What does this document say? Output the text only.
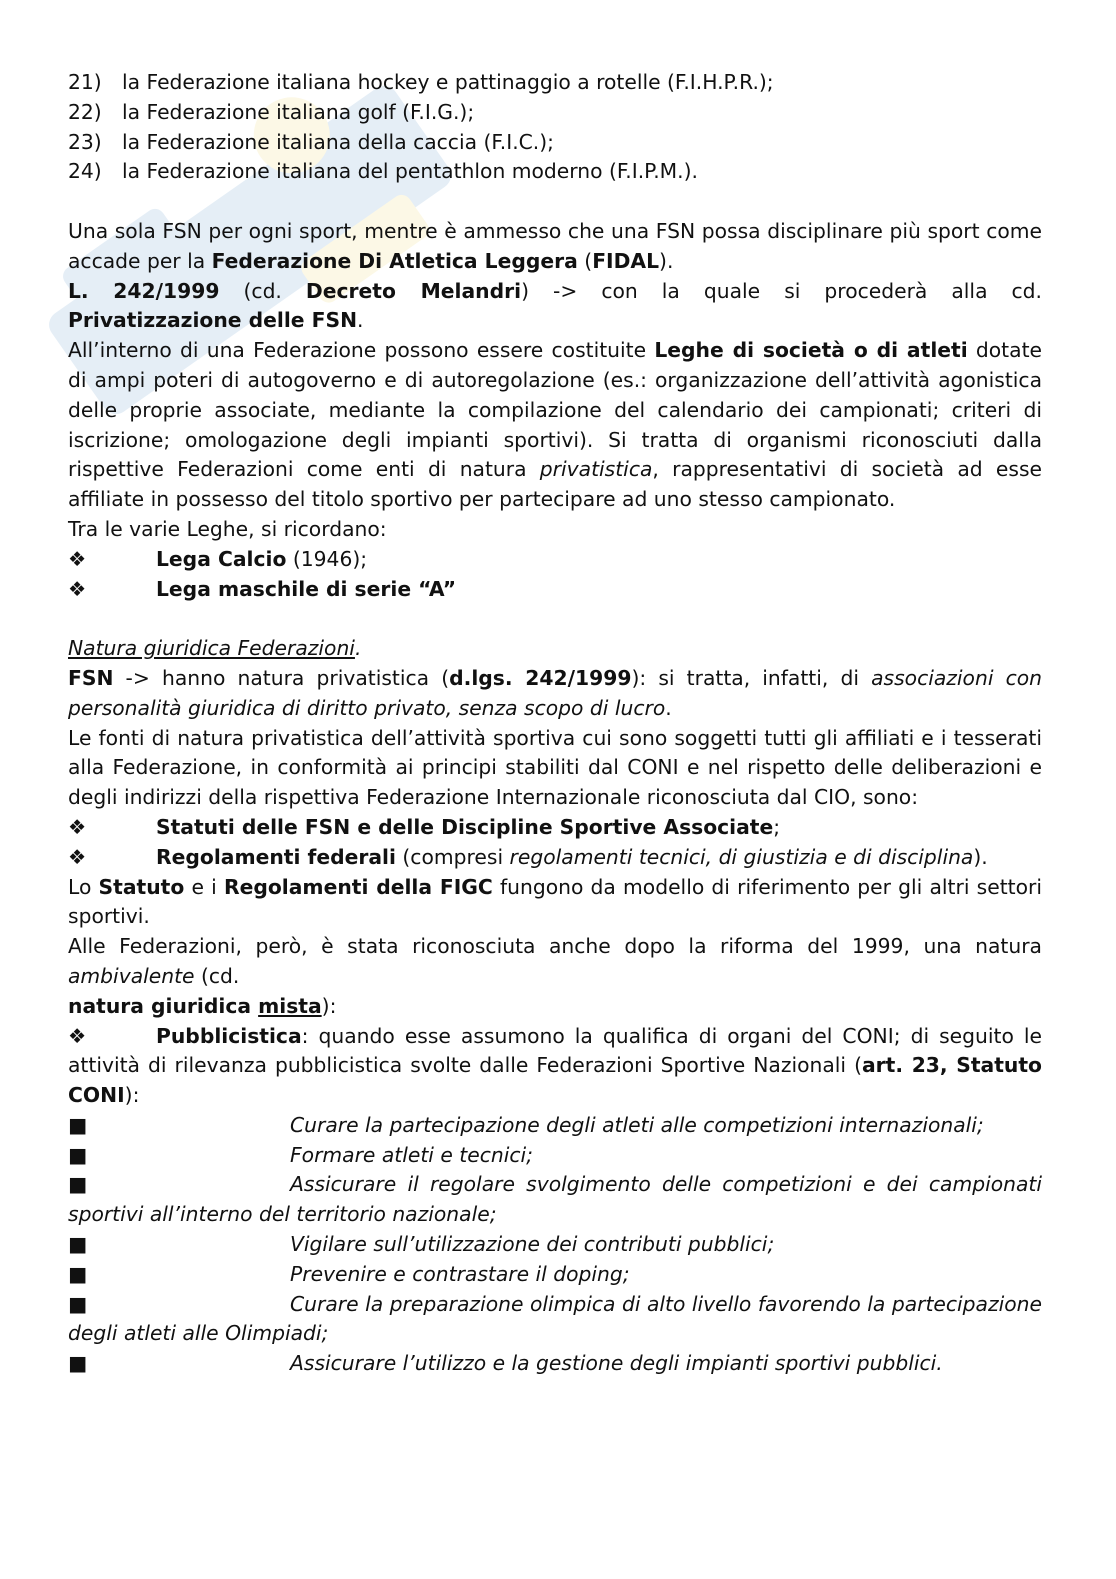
21) la Federazione italiana hockey e pattinaggio a rotelle (F.I.H.P.R.);
22) la Federazione italiana golf (F.I.G.);
23) la Federazione italiana della caccia (F.I.C.);
24) la Federazione italiana del pentathlon moderno (F.I.P.M.).

Una sola FSN per ogni sport, mentre è ammesso che una FSN possa disciplinare più sport come accade per la Federazione Di Atletica Leggera (FIDAL).

L. 242/1999 (cd. Decreto Melandri) -> con la quale si procederà alla cd.

Privatizzazione delle FSN.

All’interno di una Federazione possono essere costituite Leghe di società o di atleti dotate di ampi poteri di autogoverno e di autoregolazione (es.: organizzazione dell’attività agonistica delle proprie associate, mediante la compilazione del calendario dei campionati; criteri di iscrizione; omologazione degli impianti sportivi). Si tratta di organismi riconosciuti dalla rispettive Federazioni come enti di natura privatistica, rappresentativi di società ad esse affiliate in possesso del titolo sportivo per partecipare ad uno stesso campionato.

Tra le varie Leghe, si ricordano:

❖	Lega Calcio (1946);

❖	Lega maschile di serie “A”

Natura giuridica Federazioni.

FSN -> hanno natura privatistica (d.lgs. 242/1999): si tratta, infatti, di associazioni con personalità giuridica di diritto privato, senza scopo di lucro.

Le fonti di natura privatistica dell’attività sportiva cui sono soggetti tutti gli affiliati e i tesserati alla Federazione, in conformità ai principi stabiliti dal CONI e nel rispetto delle deliberazioni e degli indirizzi della rispettiva Federazione Internazionale riconosciuta dal CIO, sono:

❖	Statuti delle FSN e delle Discipline Sportive Associate;

❖	Regolamenti federali (compresi regolamenti tecnici, di giustizia e di disciplina).

Lo Statuto e i Regolamenti della FIGC fungono da modello di riferimento per gli altri settori sportivi.

Alle Federazioni, però, è stata riconosciuta anche dopo la riforma del 1999, una natura ambivalente (cd.

natura giuridica mista):

❖	Pubblicistica: quando esse assumono la qualifica di organi del CONI; di seguito le attività di rilevanza pubblicistica svolte dalle Federazioni Sportive Nazionali (art. 23, Statuto CONI):

■	Curare la partecipazione degli atleti alle competizioni internazionali;

■	Formare atleti e tecnici;

■	Assicurare il regolare svolgimento delle competizioni e dei campionati sportivi all’interno del territorio nazionale;

■	Vigilare sull’utilizzazione dei contributi pubblici;

■	Prevenire e contrastare il doping;

■	Curare la preparazione olimpica di alto livello favorendo la partecipazione degli atleti alle Olimpiadi;

■	Assicurare l’utilizzo e la gestione degli impianti sportivi pubblici.
